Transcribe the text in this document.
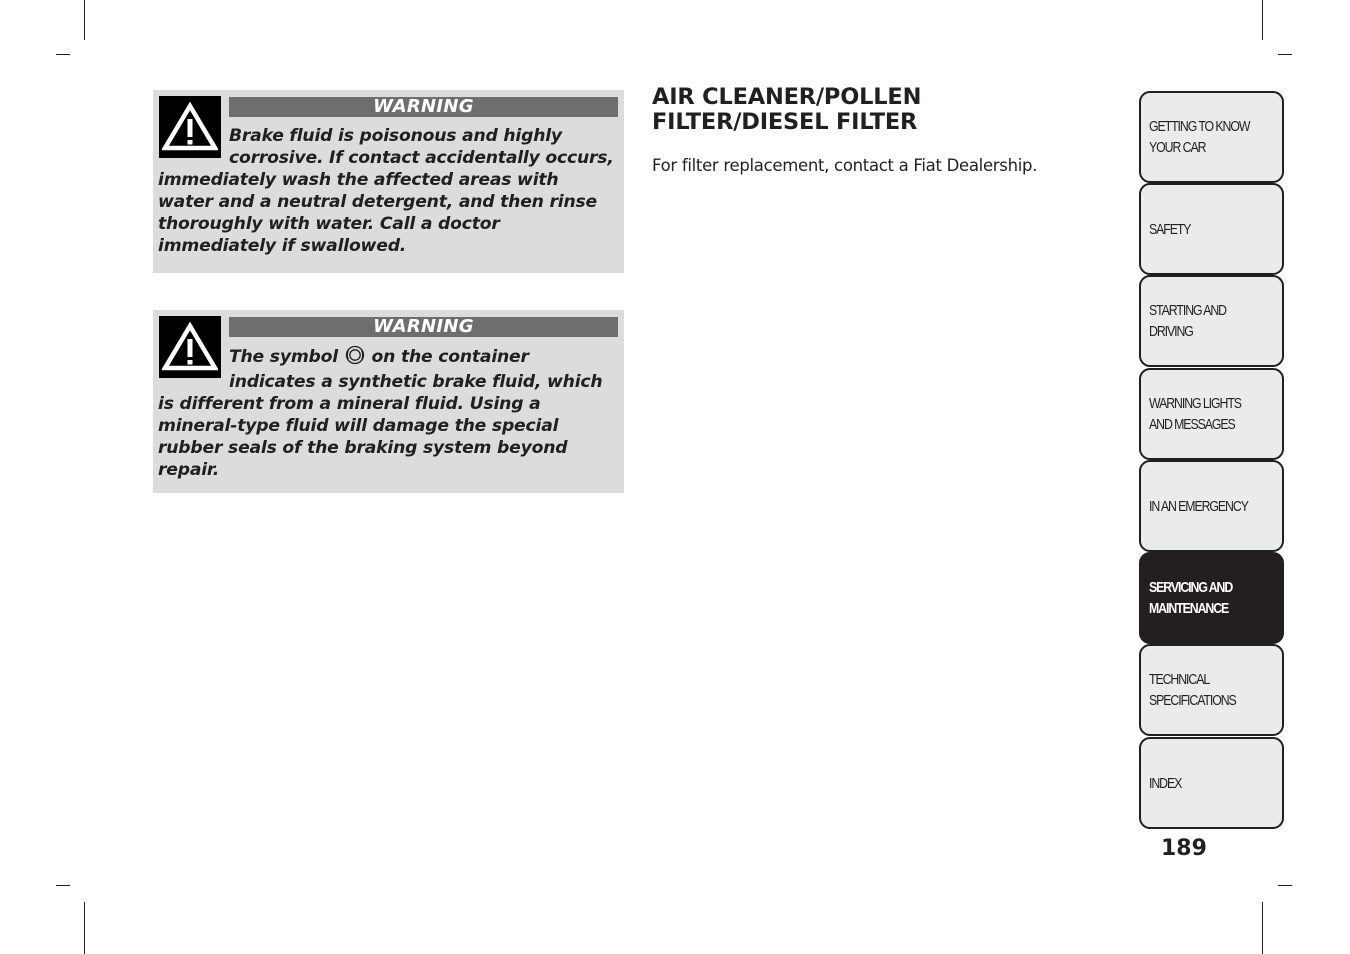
WARNING
Brake fluid is poisonous and highly corrosive. If contact accidentally occurs, immediately wash the affected areas with water and a neutral detergent, and then rinse thoroughly with water. Call a doctor immediately if swallowed.
WARNING
The symbol on the container indicates a synthetic brake fluid, which is different from a mineral fluid. Using a mineral-type fluid will damage the special rubber seals of the braking system beyond repair.
AIR CLEANER/POLLEN FILTER/DIESEL FILTER
For filter replacement, contact a Fiat Dealership.
GETTING TO KNOW YOUR CAR
SAFETY
STARTING AND DRIVING
WARNING LIGHTS AND MESSAGES
IN AN EMERGENCY
SERVICING AND MAINTENANCE
TECHNICAL SPECIFICATIONS
INDEX
189
